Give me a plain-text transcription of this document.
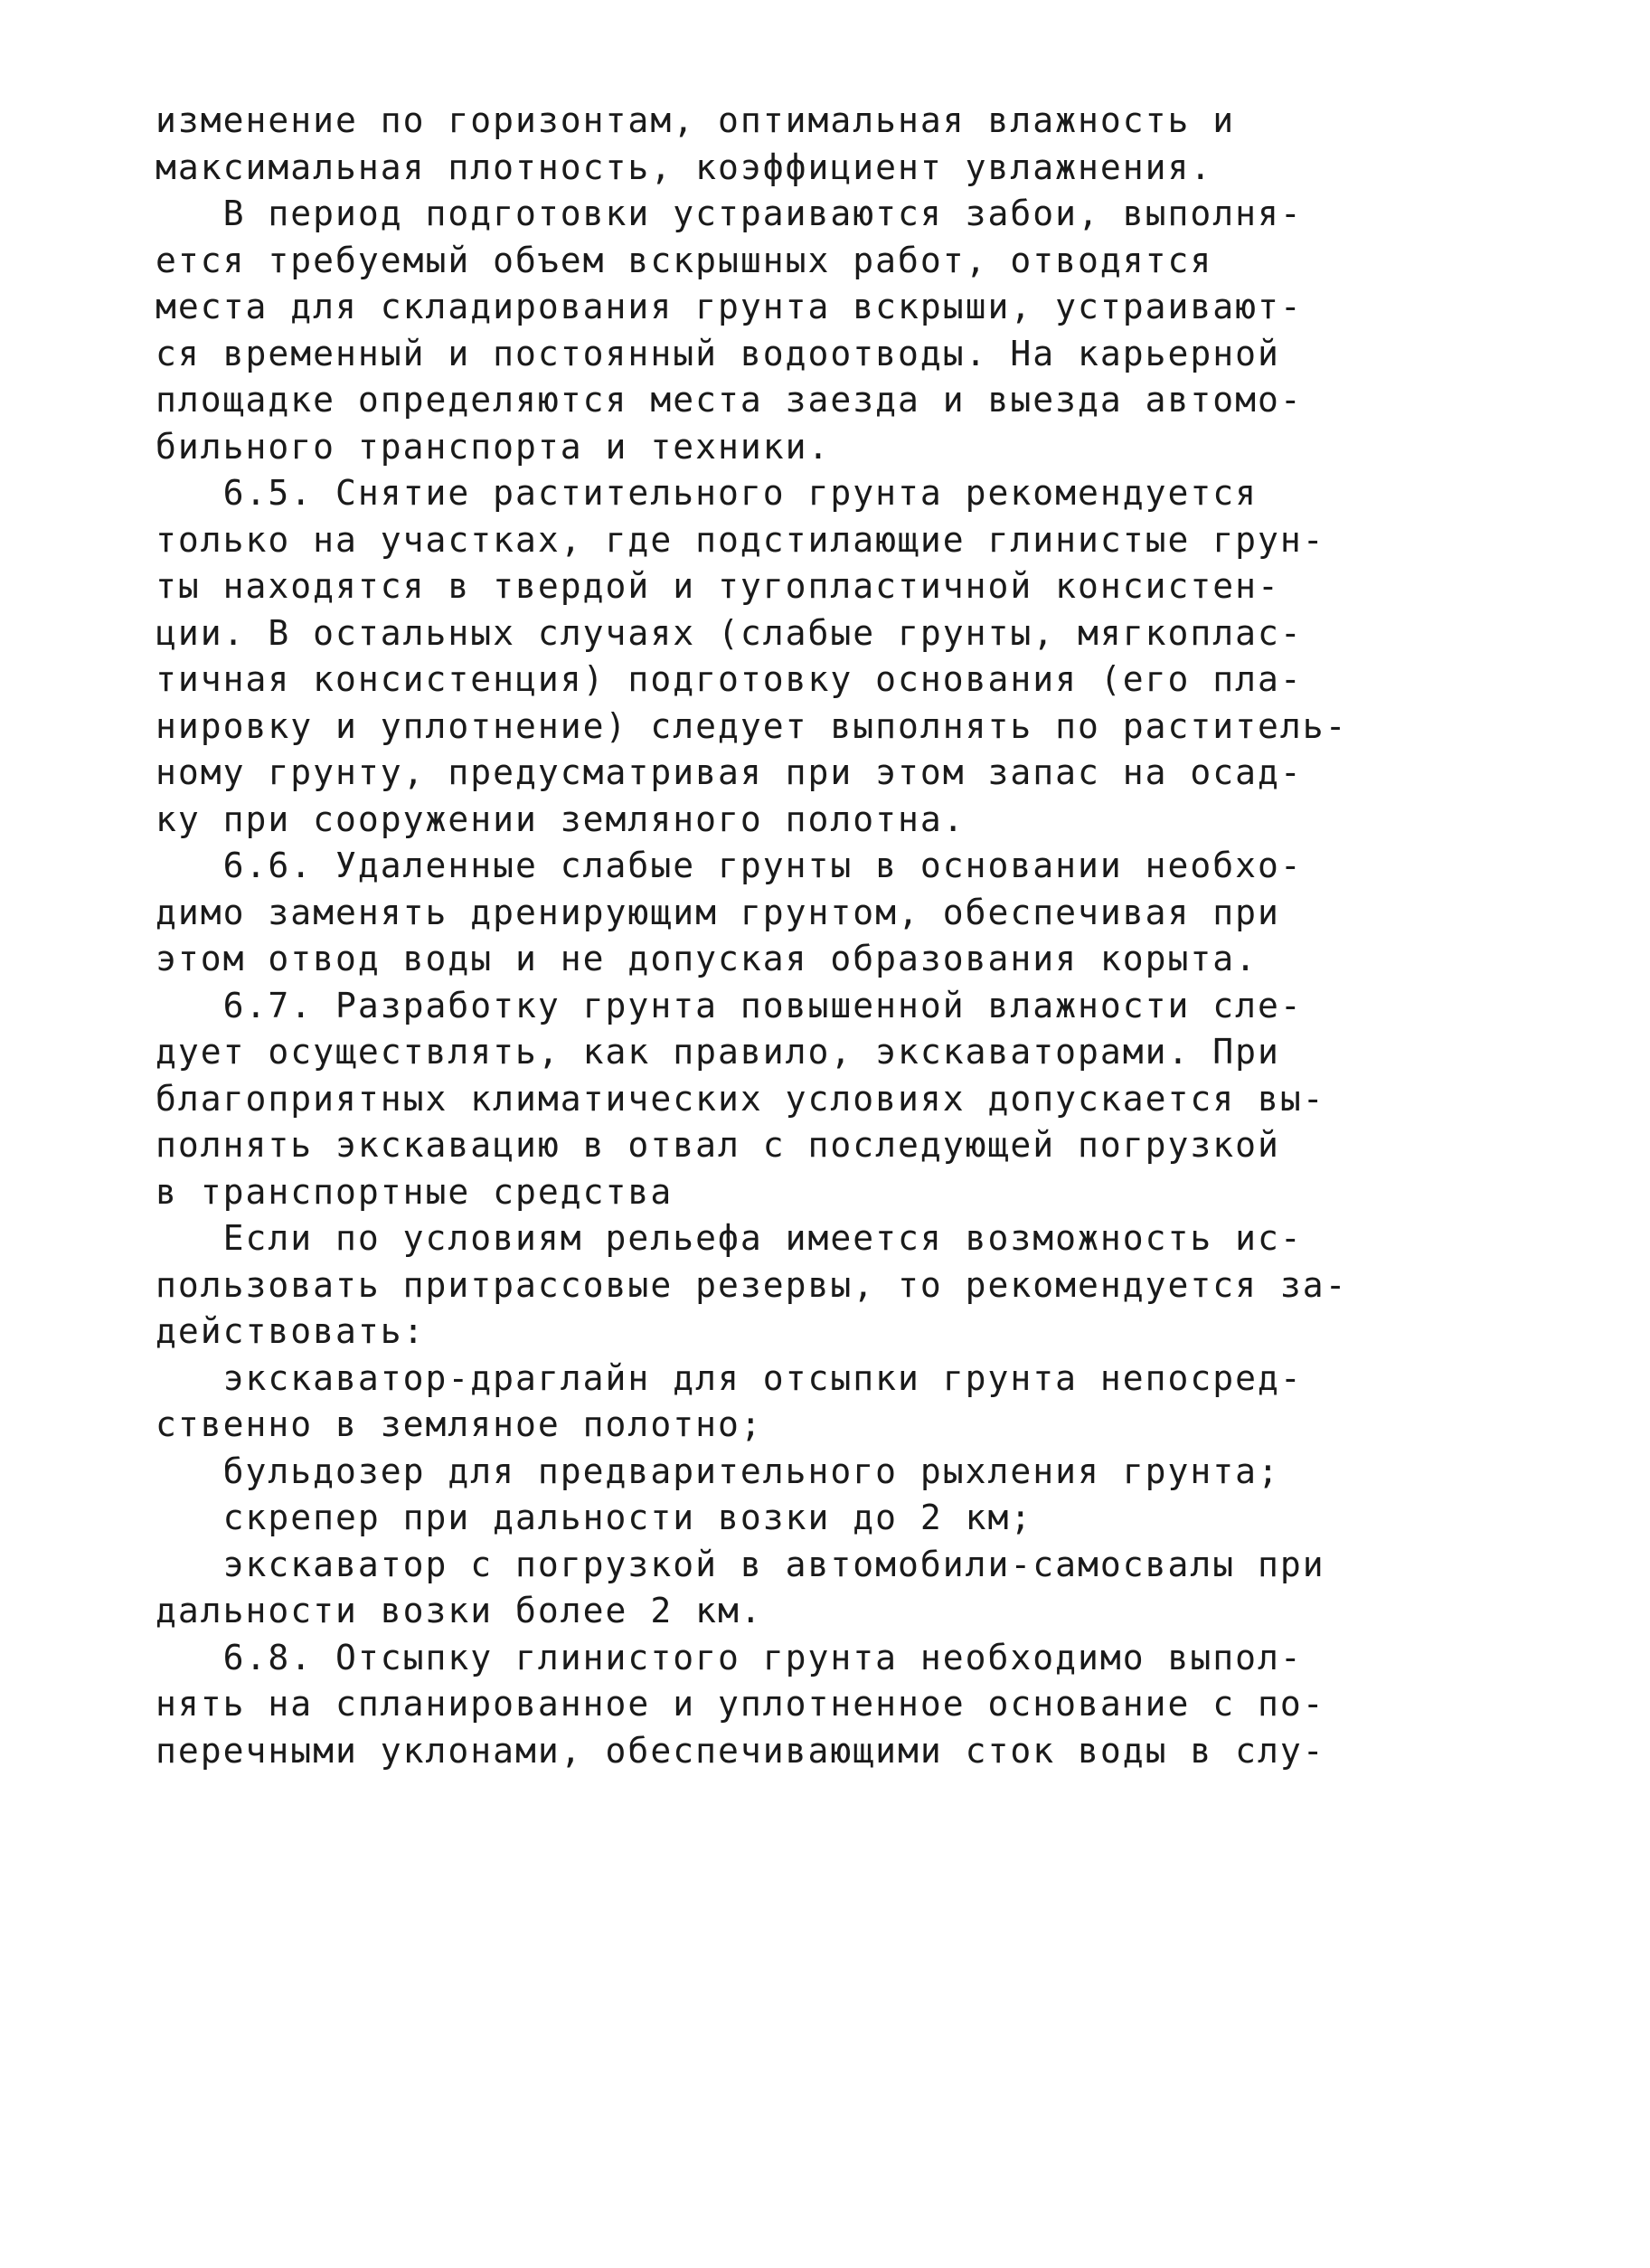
изменение по горизонтам, оптимальная влажность и
максимальная плотность, коэффициент увлажнения.
В период подготовки устраиваются забои, выполня-
ется требуемый объем вскрышных работ, отводятся
места для складирования грунта вскрыши, устраивают-
ся временный и постоянный водоотводы. На карьерной
площадке определяются места заезда и выезда автомо-
бильного транспорта и техники.
6.5. Снятие растительного грунта рекомендуется
только на участках, где подстилающие глинистые грун-
ты находятся в твердой и тугопластичной консистен-
ции. В остальных случаях (слабые грунты, мягкоплас-
тичная консистенция) подготовку основания (его пла-
нировку и уплотнение) следует выполнять по раститель-
ному грунту, предусматривая при этом запас на осад-
ку при сооружении земляного полотна.
6.6. Удаленные слабые грунты в основании необхо-
димо заменять дренирующим грунтом, обеспечивая при
этом отвод воды и не допуская образования корыта.
6.7. Разработку грунта повышенной влажности сле-
дует осуществлять, как правило, экскаваторами. При
благоприятных климатических условиях допускается вы-
полнять экскавацию в отвал с последующей погрузкой
в транспортные средства
Если по условиям рельефа имеется возможность ис-
пользовать притрассовые резервы, то рекомендуется за-
действовать:
экскаватор-драглайн для отсыпки грунта непосред-
ственно в земляное полотно;
бульдозер для предварительного рыхления грунта;
скрепер при дальности возки до 2 км;
экскаватор с погрузкой в автомобили-самосвалы при
дальности возки более 2 км.
6.8. Отсыпку глинистого грунта необходимо выпол-
нять на спланированное и уплотненное основание с по-
перечными уклонами, обеспечивающими сток воды в слу-
